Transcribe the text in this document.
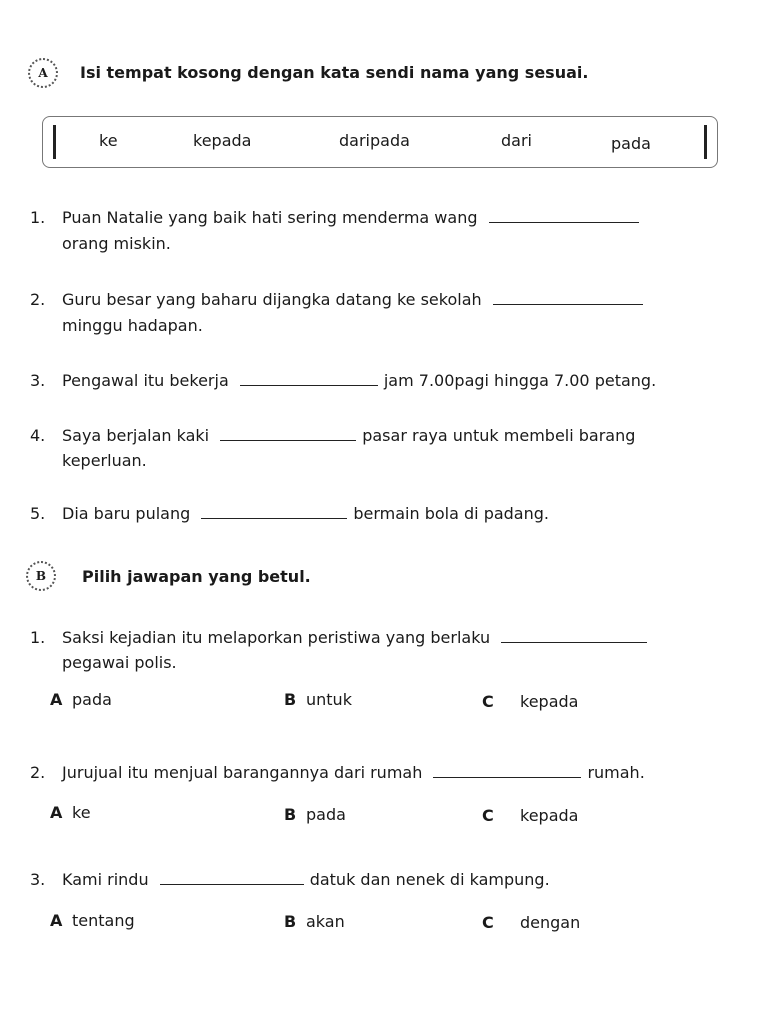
A Isi tempat kosong dengan kata sendi nama yang sesuai.
ke	kepada	daripada	dari	pada
1. Puan Natalie yang baik hati sering menderma wang
orang miskin.
2. Guru besar yang baharu dijangka datang ke sekolah
minggu hadapan.
3. Pengawal itu bekerja	jam 7.00pagi hingga 7.00 petang.
4. Saya berjalan kaki	pasar raya untuk membeli barang
keperluan.
5. Dia baru pulang	bermain bola di padang.
B Pilih jawapan yang betul.
1. Saksi kejadian itu melaporkan peristiwa yang berlaku
pegawai polis.
A pada	B untuk	C kepada
2. Jurujual itu menjual barangannya dari rumah	rumah.
A ke	B pada	C kepada
3. Kami rindu	datuk dan nenek di kampung.
A tentang	B akan	C dengan
